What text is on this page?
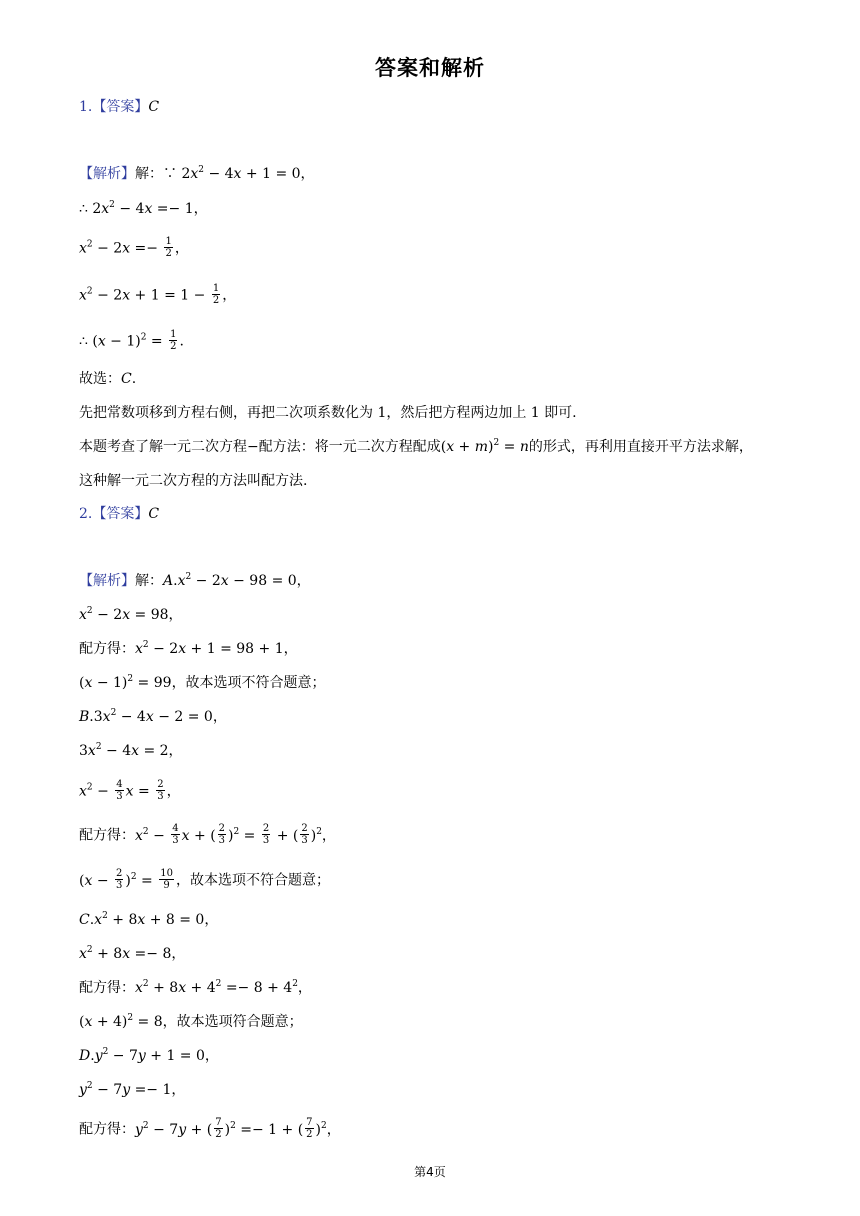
答案和解析
1.【答案】C
【解析】解：∵ $2x^2 - 4x + 1 = 0$，
∴ $2x^2 - 4x =- 1$，
$x^2 - 2x =- \frac{1}{2}$ ，
$x^2 - 2x + 1 = 1 - \frac{1}{2}$ ，
∴ $(x - 1)^2 = \frac{1}{2}$ .
故选：C.
先把常数项移到方程右侧，再把二次项系数化为 1，然后把方程两边加上 1 即可.
本题考查了解一元二次方程−配方法：将一元二次方程配成$(x + m)^2 = n$的形式，再利用直接开平方法求解，
这种解一元二次方程的方法叫配方法.
2.【答案】C
【解析】解：$A.x^2 - 2x - 98 = 0$，
$x^2 - 2x = 98$，
配方得：$x^2 - 2x + 1 = 98 + 1$，
$(x - 1)^2 = 99$，故本选项不符合题意；
$B.3x^2 - 4x - 2 = 0$，
$3x^2 - 4x = 2$，
$x^2 - \frac{4}{3}$ $x = \frac{2}{3}$ ，
配方得：$x^2 - \frac{4}{3}$ x + ( $\frac{2}{3} )^2 = \frac{2}{3}$ + ( $\frac{2}{3} )^2$，
$(x - \frac{2}{3} )^2 = \frac{10}{9}$ ，故本选项不符合题意；
$C.x^2 + 8x + 8 = 0$，
$x^2 + 8x =- 8$，
配方得：$x^2 + 8x + 4^2 =- 8 + 4^2$，
$(x + 4)^2 = 8$，故本选项符合题意；
$D.y^2 - 7y + 1 = 0$，
$y^2 - 7y =- 1$，
配方得：$y^2 - 7y$ + ( $\frac{7}{2} )^2 =- 1$ + ( $\frac{7}{2} )^2$，
第4页
